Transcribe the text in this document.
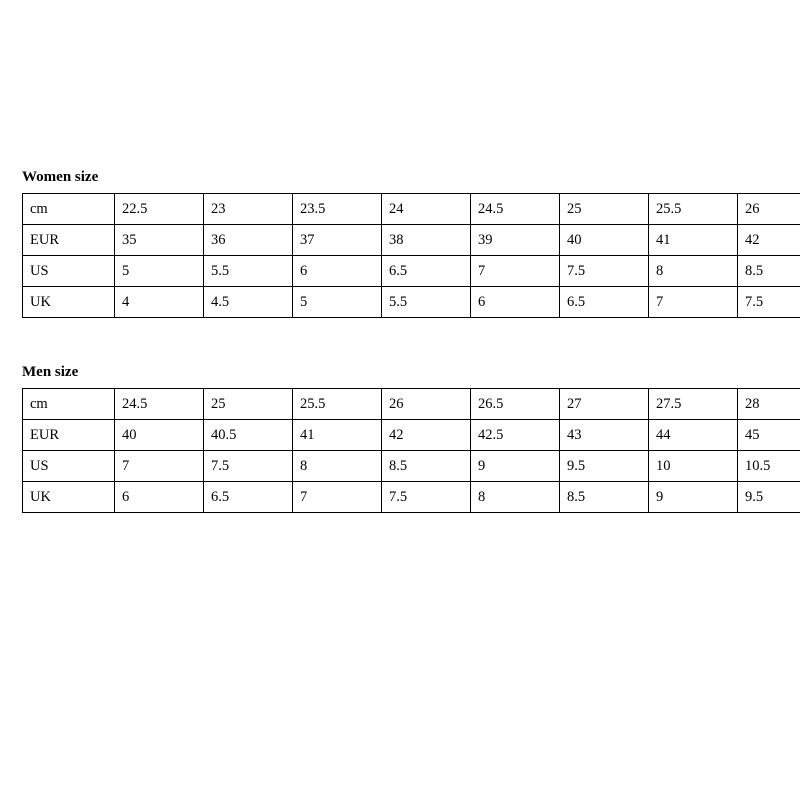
Women size
cm	22.5	23	23.5	24	24.5	25	25.5	26
EUR	35	36	37	38	39	40	41	42
US	5	5.5	6	6.5	7	7.5	8	8.5
UK	4	4.5	5	5.5	6	6.5	7	7.5
Men size
cm	24.5	25	25.5	26	26.5	27	27.5	28
EUR	40	40.5	41	42	42.5	43	44	45
US	7	7.5	8	8.5	9	9.5	10	10.5
UK	6	6.5	7	7.5	8	8.5	9	9.5
